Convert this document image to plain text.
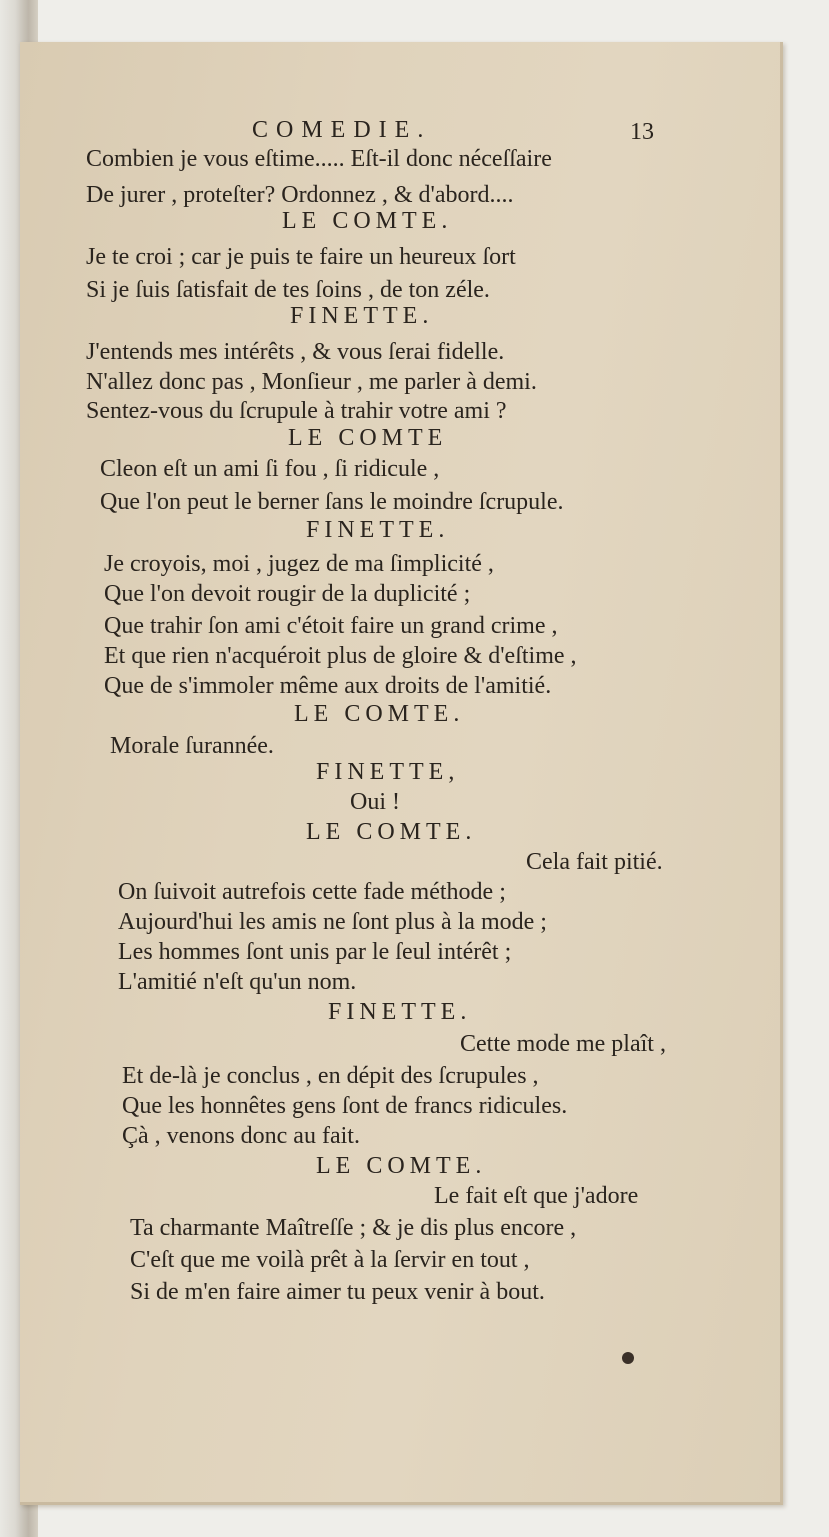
COMEDIE.	13

Combien je vous eſtime..... Eſt-il donc néceſſaire

De jurer , proteſter? Ordonnez , & d'abord....

LE COMTE.

Je te croi ; car je puis te faire un heureux ſort

Si je ſuis ſatisfait de tes ſoins , de ton zéle.

FINETTE.

J'entends mes intérêts , & vous ſerai fidelle.

N'allez donc pas , Monſieur , me parler à demi.

Sentez-vous du ſcrupule à trahir votre ami ?

LE COMTE

Cleon eſt un ami ſi fou , ſi ridicule ,

Que l'on peut le berner ſans le moindre ſcrupule.

FINETTE.

Je croyois, moi , jugez de ma ſimplicité ,

Que l'on devoit rougir de la duplicité ;

Que trahir ſon ami c'étoit faire un grand crime ,

Et que rien n'acquéroit plus de gloire & d'eſtime ,

Que de s'immoler même aux droits de l'amitié.

LE COMTE.

Morale ſurannée.

FINETTE,

Oui !

LE COMTE.

Cela fait pitié.

On ſuivoit autrefois cette fade méthode ;

Aujourd'hui les amis ne ſont plus à la mode ;

Les hommes ſont unis par le ſeul intérêt ;

L'amitié n'eſt qu'un nom.

FINETTE.

Cette mode me plaît ,

Et de-là je conclus , en dépit des ſcrupules ,

Que les honnêtes gens ſont de francs ridicules.

Çà , venons donc au fait.

LE COMTE.

Le fait eſt que j'adore

Ta charmante Maîtreſſe ; & je dis plus encore ,

C'eſt que me voilà prêt à la ſervir en tout ,

Si de m'en faire aimer tu peux venir à bout.
